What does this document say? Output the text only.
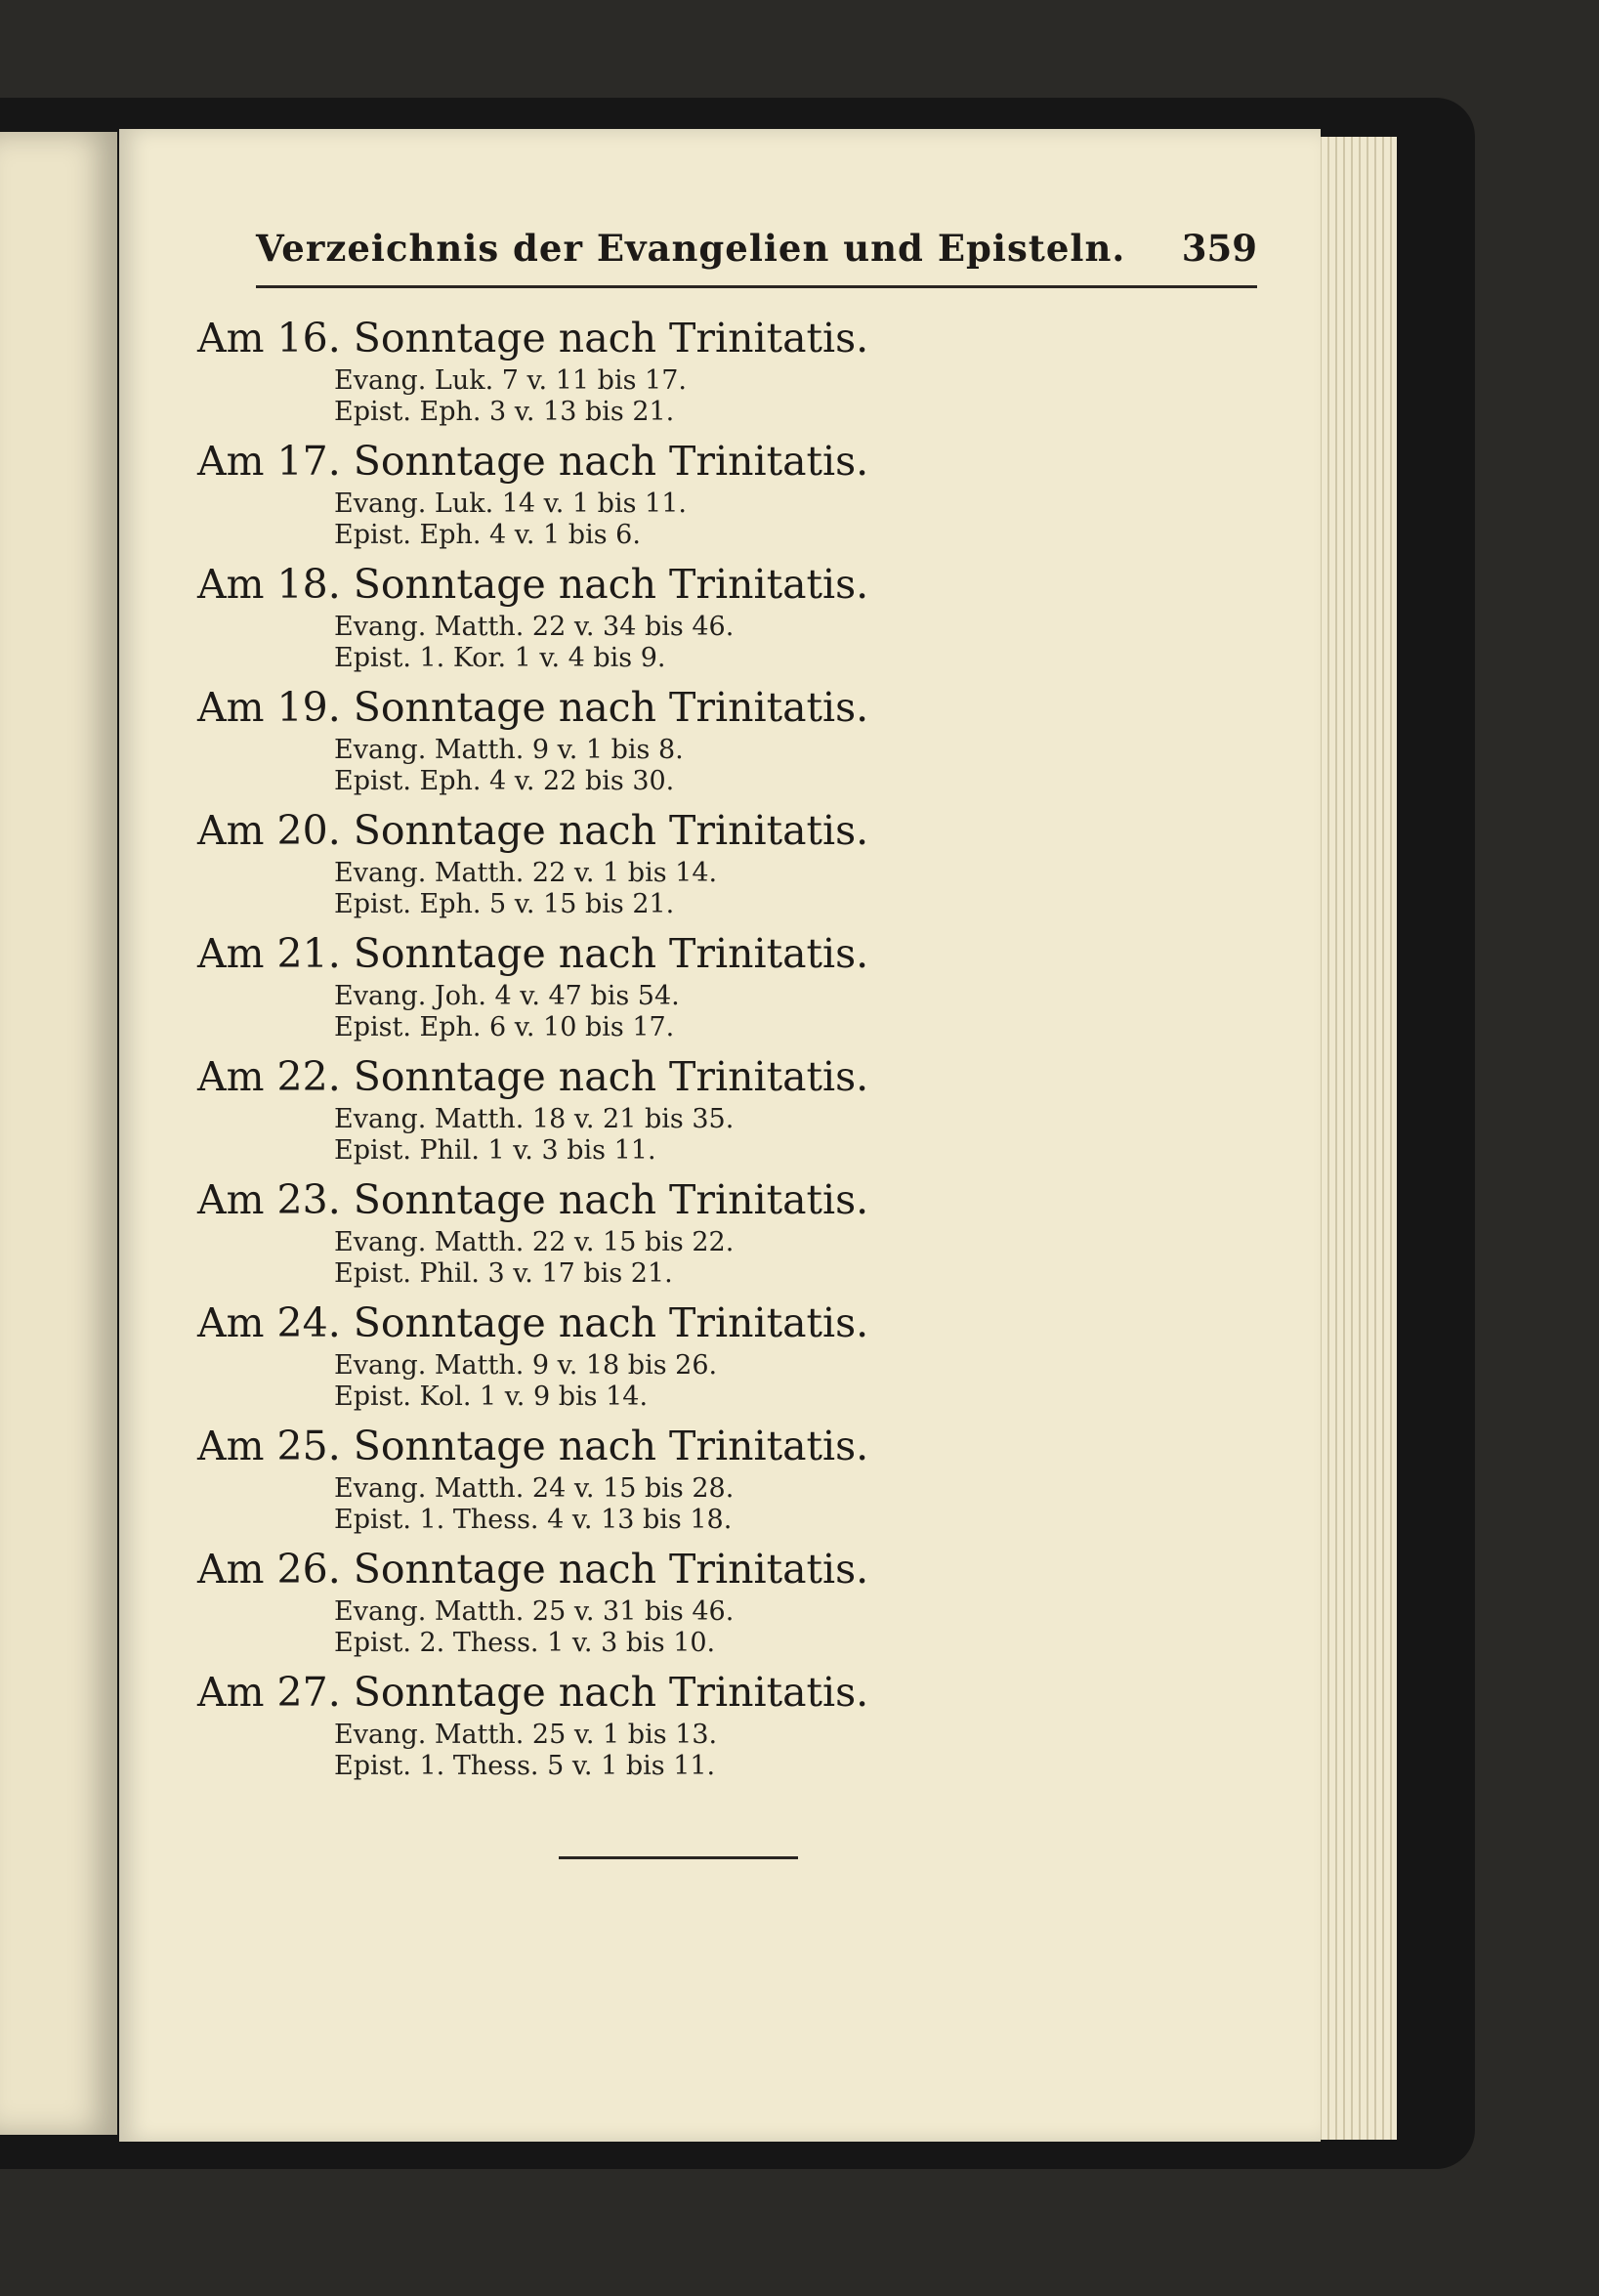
Verzeichnis der Evangelien und Episteln. 359
Am 16. Sonntage nach Trinitatis.
Evang. Luk. 7 v. 11 bis 17.
Epist. Eph. 3 v. 13 bis 21.
Am 17. Sonntage nach Trinitatis.
Evang. Luk. 14 v. 1 bis 11.
Epist. Eph. 4 v. 1 bis 6.
Am 18. Sonntage nach Trinitatis.
Evang. Matth. 22 v. 34 bis 46.
Epist. 1. Kor. 1 v. 4 bis 9.
Am 19. Sonntage nach Trinitatis.
Evang. Matth. 9 v. 1 bis 8.
Epist. Eph. 4 v. 22 bis 30.
Am 20. Sonntage nach Trinitatis.
Evang. Matth. 22 v. 1 bis 14.
Epist. Eph. 5 v. 15 bis 21.
Am 21. Sonntage nach Trinitatis.
Evang. Joh. 4 v. 47 bis 54.
Epist. Eph. 6 v. 10 bis 17.
Am 22. Sonntage nach Trinitatis.
Evang. Matth. 18 v. 21 bis 35.
Epist. Phil. 1 v. 3 bis 11.
Am 23. Sonntage nach Trinitatis.
Evang. Matth. 22 v. 15 bis 22.
Epist. Phil. 3 v. 17 bis 21.
Am 24. Sonntage nach Trinitatis.
Evang. Matth. 9 v. 18 bis 26.
Epist. Kol. 1 v. 9 bis 14.
Am 25. Sonntage nach Trinitatis.
Evang. Matth. 24 v. 15 bis 28.
Epist. 1. Thess. 4 v. 13 bis 18.
Am 26. Sonntage nach Trinitatis.
Evang. Matth. 25 v. 31 bis 46.
Epist. 2. Thess. 1 v. 3 bis 10.
Am 27. Sonntage nach Trinitatis.
Evang. Matth. 25 v. 1 bis 13.
Epist. 1. Thess. 5 v. 1 bis 11.
